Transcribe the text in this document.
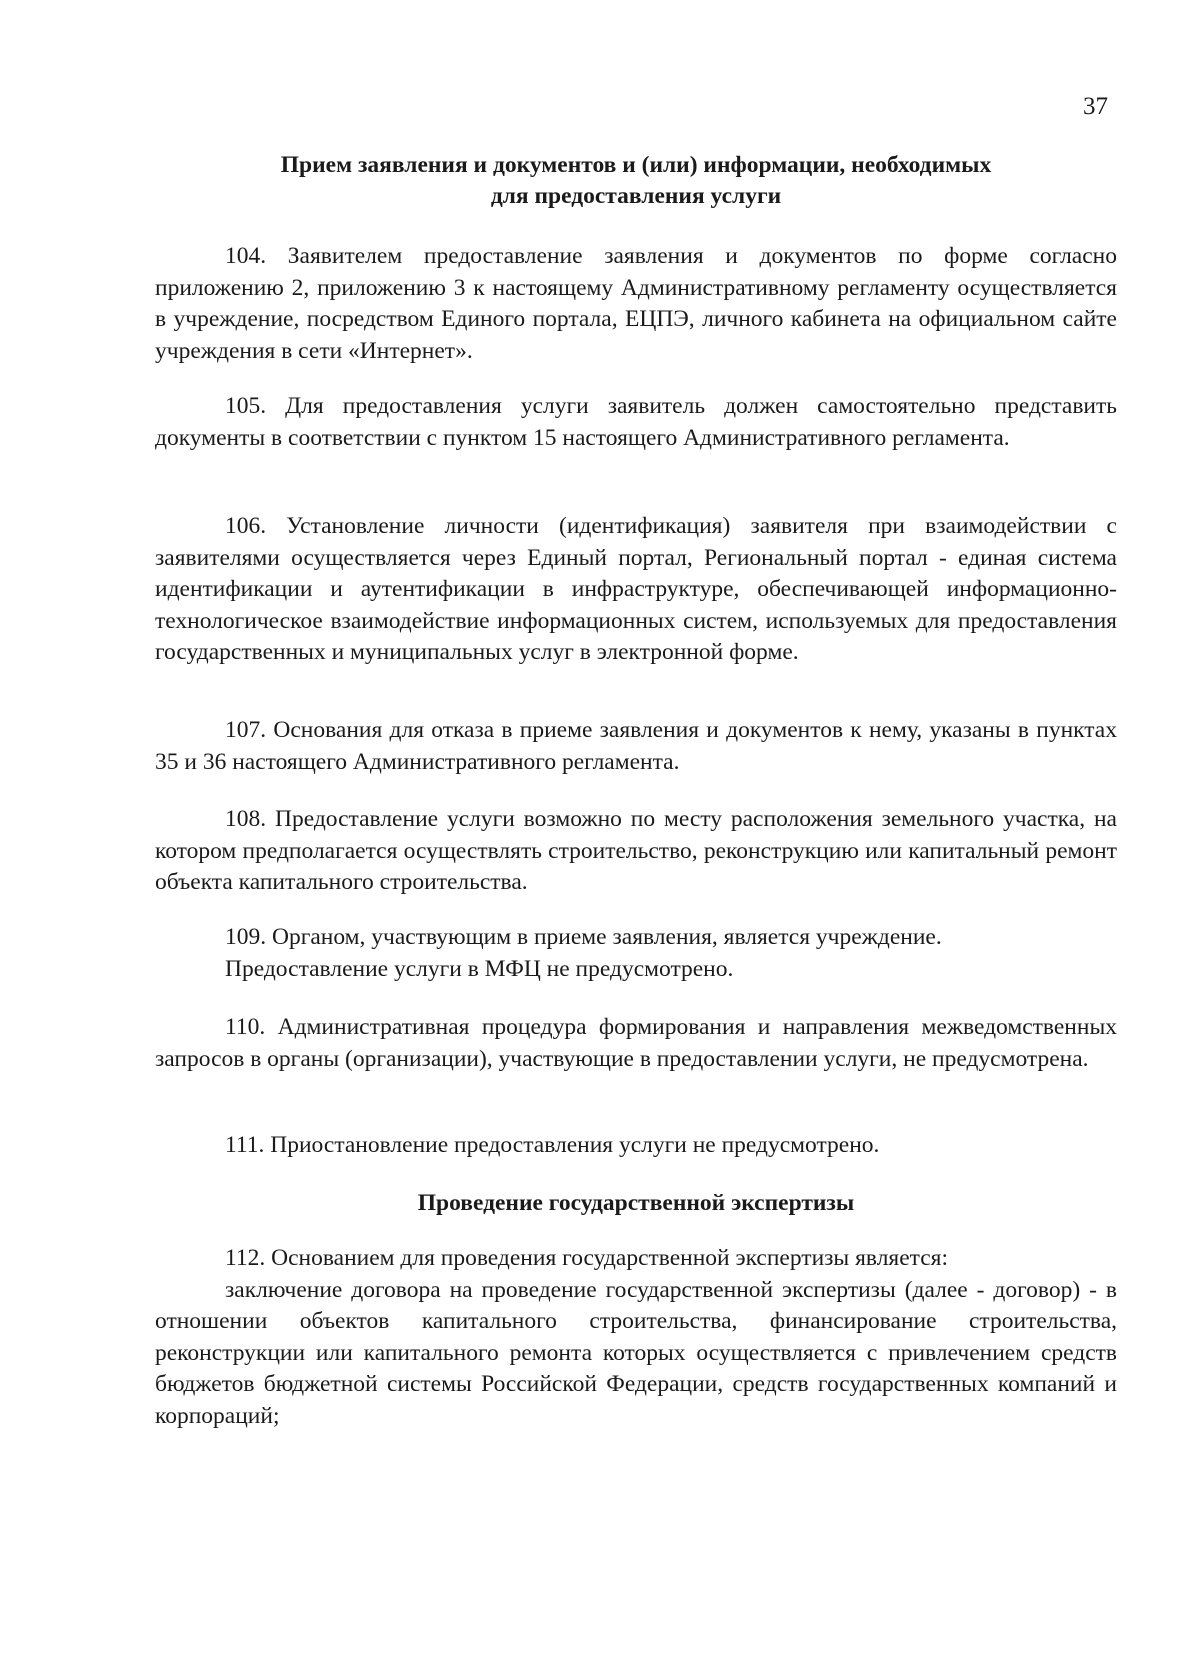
37
Прием заявления и документов и (или) информации, необходимых
для предоставления услуги

104. Заявителем предоставление заявления и документов по форме согласно приложению 2, приложению 3 к настоящему Административному регламенту осуществляется в учреждение, посредством Единого портала, ЕЦПЭ, личного кабинета на официальном сайте учреждения в сети «Интернет».

105. Для предоставления услуги заявитель должен самостоятельно представить документы в соответствии с пунктом 15 настоящего Административного регламента.

106. Установление личности (идентификация) заявителя при взаимодействии с заявителями осуществляется через Единый портал, Региональный портал - единая система идентификации и аутентификации в инфраструктуре, обеспечивающей информационно-технологическое взаимодействие информационных систем, используемых для предоставления государственных и муниципальных услуг в электронной форме.

107. Основания для отказа в приеме заявления и документов к нему, указаны в пунктах 35 и 36 настоящего Административного регламента.

108. Предоставление услуги возможно по месту расположения земельного участка, на котором предполагается осуществлять строительство, реконструкцию или капитальный ремонт объекта капитального строительства.

109. Органом, участвующим в приеме заявления, является учреждение.

Предоставление услуги в МФЦ не предусмотрено.

110. Административная процедура формирования и направления межведомственных запросов в органы (организации), участвующие в предоставлении услуги, не предусмотрена.

111. Приостановление предоставления услуги не предусмотрено.

Проведение государственной экспертизы

112. Основанием для проведения государственной экспертизы является:

заключение договора на проведение государственной экспертизы (далее - договор) - в отношении объектов капитального строительства, финансирование строительства, реконструкции или капитального ремонта которых осуществляется с привлечением средств бюджетов бюджетной системы Российской Федерации, средств государственных компаний и корпораций;
